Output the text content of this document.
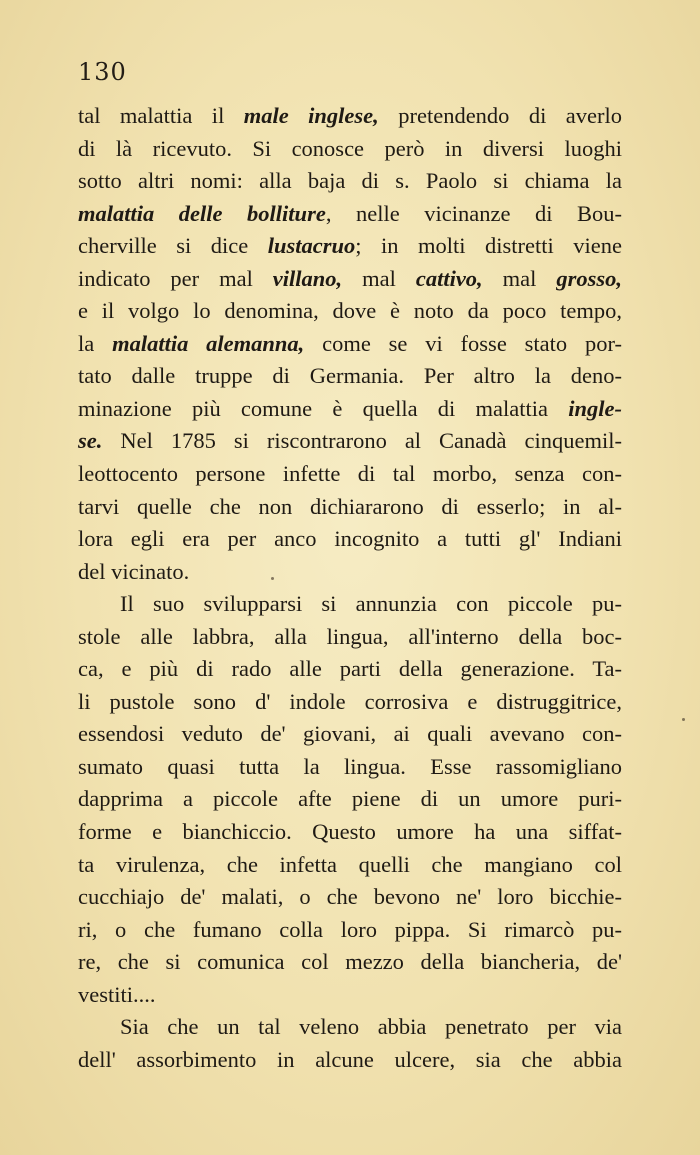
130
tal malattia il male inglese, pretendendo di averlo
di là ricevuto. Si conosce però in diversi luoghi
sotto altri nomi: alla baja di s. Paolo si chiama la
malattia delle bolliture, nelle vicinanze di Bou-
cherville si dice lustacruo; in molti distretti viene
indicato per mal villano, mal cattivo, mal grosso,
e il volgo lo denomina, dove è noto da poco tempo,
la malattia alemanna, come se vi fosse stato por-
tato dalle truppe di Germania. Per altro la deno-
minazione più comune è quella di malattia ingle-
se. Nel 1785 si riscontrarono al Canadà cinquemil-
leottocento persone infette di tal morbo, senza con-
tarvi quelle che non dichiararono di esserlo; in al-
lora egli era per anco incognito a tutti gl' Indiani
del vicinato.
Il suo svilupparsi si annunzia con piccole pu-
stole alle labbra, alla lingua, all'interno della boc-
ca, e più di rado alle parti della generazione. Ta-
li pustole sono d' indole corrosiva e distruggitrice,
essendosi veduto de' giovani, ai quali avevano con-
sumato quasi tutta la lingua. Esse rassomigliano
dapprima a piccole afte piene di un umore puri-
forme e bianchiccio. Questo umore ha una siffat-
ta virulenza, che infetta quelli che mangiano col
cucchiajo de' malati, o che bevono ne' loro bicchie-
ri, o che fumano colla loro pippa. Si rimarcò pu-
re, che si comunica col mezzo della biancheria, de'
vestiti....
Sia che un tal veleno abbia penetrato per via
dell' assorbimento in alcune ulcere, sia che abbia
